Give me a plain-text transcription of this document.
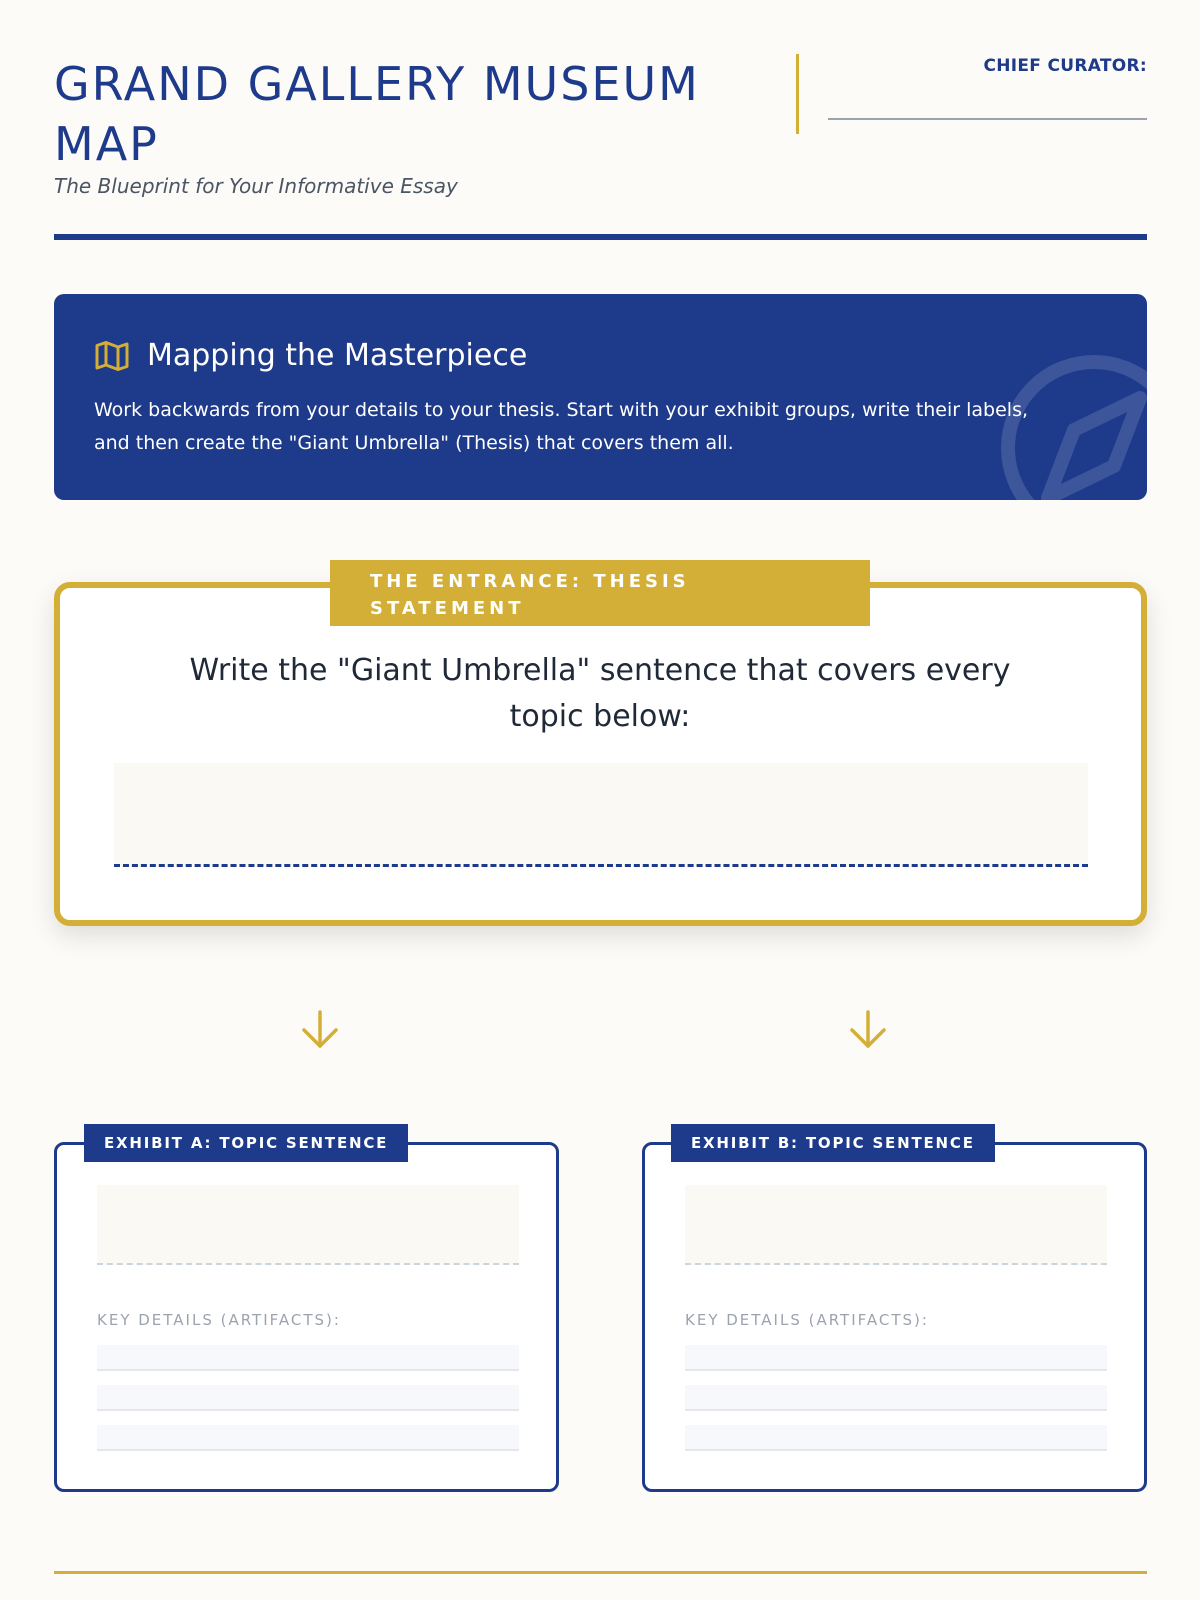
GRAND GALLERY MUSEUM MAP
The Blueprint for Your Informative Essay
CHIEF CURATOR:
Mapping the Masterpiece
Work backwards from your details to your thesis. Start with your exhibit groups, write their labels, and then create the "Giant Umbrella" (Thesis) that covers them all.
Write the "Giant Umbrella" sentence that covers every topic below:
THE ENTRANCE: THESIS STATEMENT
KEY DETAILS (ARTIFACTS):
EXHIBIT A: TOPIC SENTENCE
KEY DETAILS (ARTIFACTS):
EXHIBIT B: TOPIC SENTENCE
